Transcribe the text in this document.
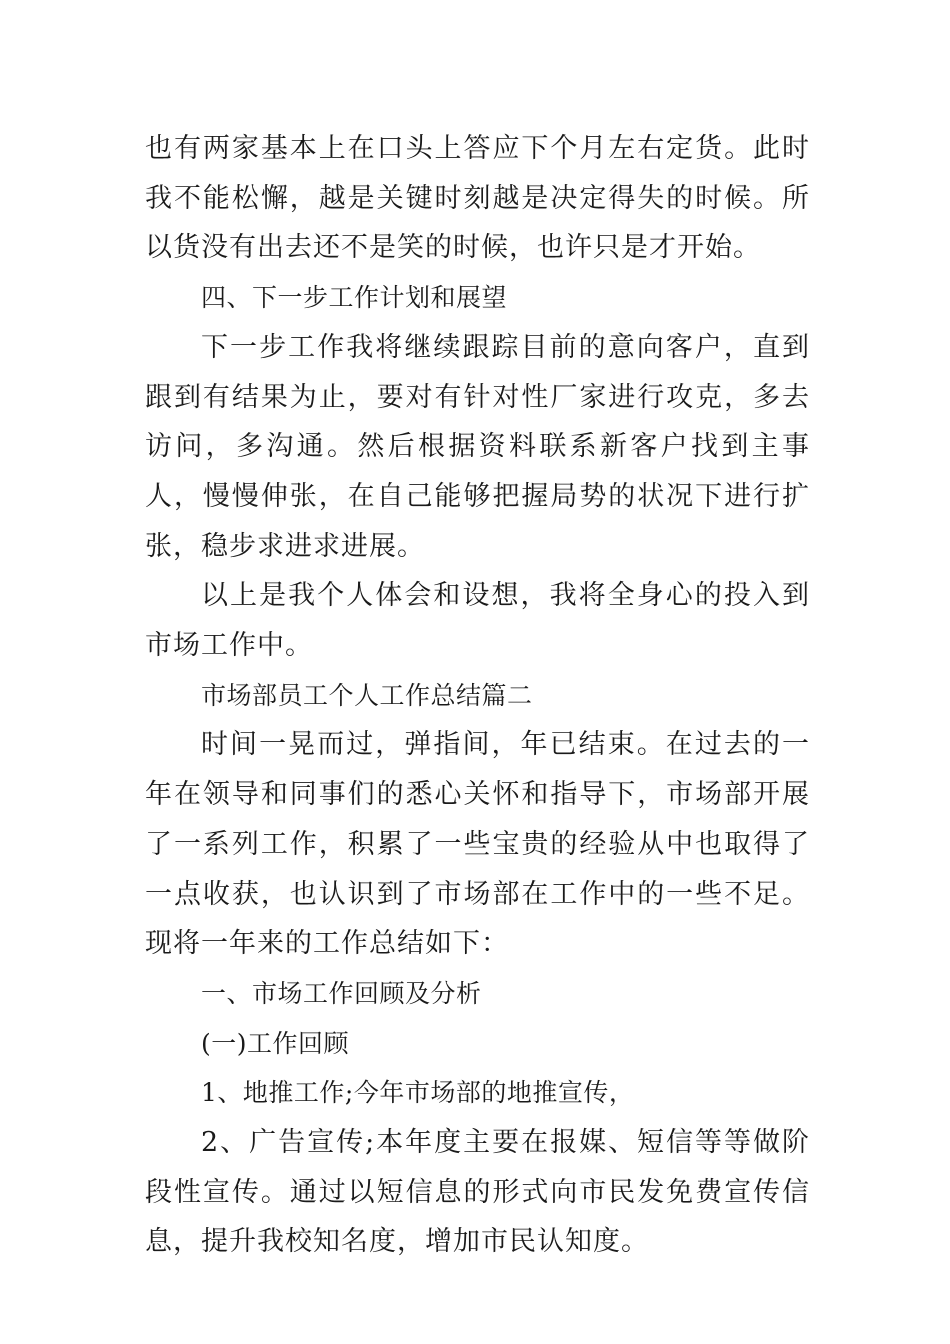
也有两家基本上在口头上答应下个月左右定货。此时我不能松懈，越是关键时刻越是决定得失的时候。所以货没有出去还不是笑的时候，也许只是才开始。

四、下一步工作计划和展望

下一步工作我将继续跟踪目前的意向客户，直到跟到有结果为止，要对有针对性厂家进行攻克，多去访问，多沟通。然后根据资料联系新客户找到主事人，慢慢伸张，在自己能够把握局势的状况下进行扩张，稳步求进求进展。

以上是我个人体会和设想，我将全身心的投入到市场工作中。

市场部员工个人工作总结篇二

时间一晃而过，弹指间，年已结束。在过去的一年在领导和同事们的悉心关怀和指导下，市场部开展了一系列工作，积累了一些宝贵的经验从中也取得了一点收获，也认识到了市场部在工作中的一些不足。现将一年来的工作总结如下：

一、市场工作回顾及分析

(一)工作回顾

1、地推工作;今年市场部的地推宣传，

2、广告宣传;本年度主要在报媒、短信等等做阶段性宣传。通过以短信息的形式向市民发免费宣传信息，提升我校知名度，增加市民认知度。
